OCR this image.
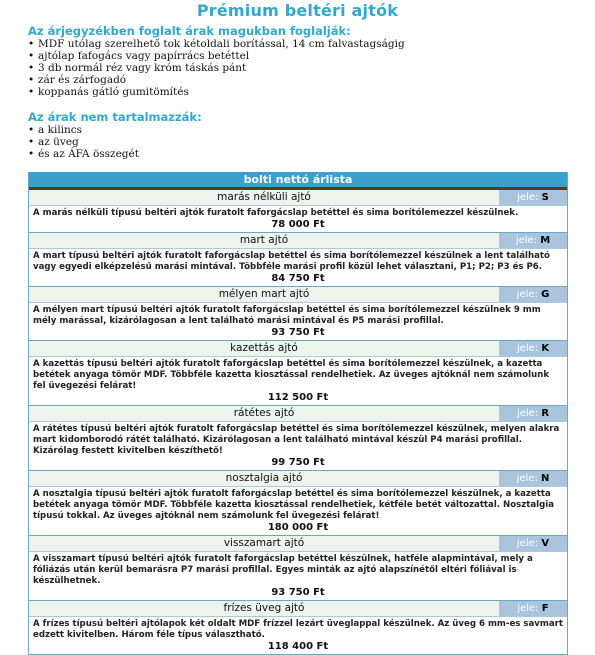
Prémium beltéri ajtók
Az árjegyzékben foglalt árak magukban foglalják:
• MDF utólag szerelhető tok kétoldali borítással, 14 cm falvastagságig
• ajtólap fafogács vagy papírrács betéttel
• 3 db normál réz vagy króm táskás pánt
• zár és zárfogadó
• koppanás gátló gumitömítés
Az árak nem tartalmazzák:
• a kilincs
• az üveg
• és az ÁFA összegét
bolti nettó árlista
marás nélküli ajtó	jele: S
A marás nélküli típusú beltéri ajtók furatolt faforgácslap betéttel és sima borítólemezzel készülnek.
78 000 Ft
mart ajtó	jele: M
A mart típusú beltéri ajtók furatolt faforgácslap betéttel és sima borítólemezzel készülnek a lent található vagy egyedi elképzelésű marási mintával. Többféle marási profil közül lehet választani, P1; P2; P3 és P6.
84 750 Ft
mélyen mart ajtó	jele: G
A mélyen mart típusú beltéri ajtók furatolt faforgácslap betéttel és sima borítólemezzel készülnek 9 mm mély marással, kizárólagosan a lent található marási mintával és P5 marási profillal.
93 750 Ft
kazettás ajtó	jele: K
A kazettás típusú beltéri ajtók furatolt faforgácslap betéttel és sima borítólemezzel készülnek, a kazetta betétek anyaga tömör MDF. Többféle kazetta kiosztással rendelhetiek. Az üveges ajtóknál nem számolunk fel üvegezési felárat!
112 500 Ft
rátétes ajtó	jele: R
A rátétes típusú beltéri ajtók furatolt faforgácslap betéttel és sima borítólemezzel készülnek, melyen alakra mart kidomborodó rátét található. Kizárólagosan a lent található mintával készül P4 marási profillal. Kizárólag festett kivitelben készíthető!
99 750 Ft
nosztalgia ajtó	jele: N
A nosztalgia típusú beltéri ajtók furatolt faforgácslap betéttel és sima borítólemezzel készülnek, a kazetta betétek anyaga tömör MDF. Többféle kazetta kiosztással rendelhetiek, kétféle betét változattal. Nosztalgia típusú tokkal. Az üveges ajtóknál nem számolunk fel üvegezési felárat!
180 000 Ft
visszamart ajtó	jele: V
A visszamart típusú beltéri ajtók furatolt faforgácslap betéttel készülnek, hatféle alapmintával, mely a fóliázás után kerül bemarásra P7 marási profillal. Egyes minták az ajtó alapszínétől eltéri fóliával is készülhetnek.
93 750 Ft
frízes üveg ajtó	jele: F
A frízes típusú beltéri ajtólapok két oldalt MDF frízzel lezárt üveglappal készülnek. Az üveg 6 mm-es savmart edzett kivitelben. Három féle típus választható.
118 400 Ft
